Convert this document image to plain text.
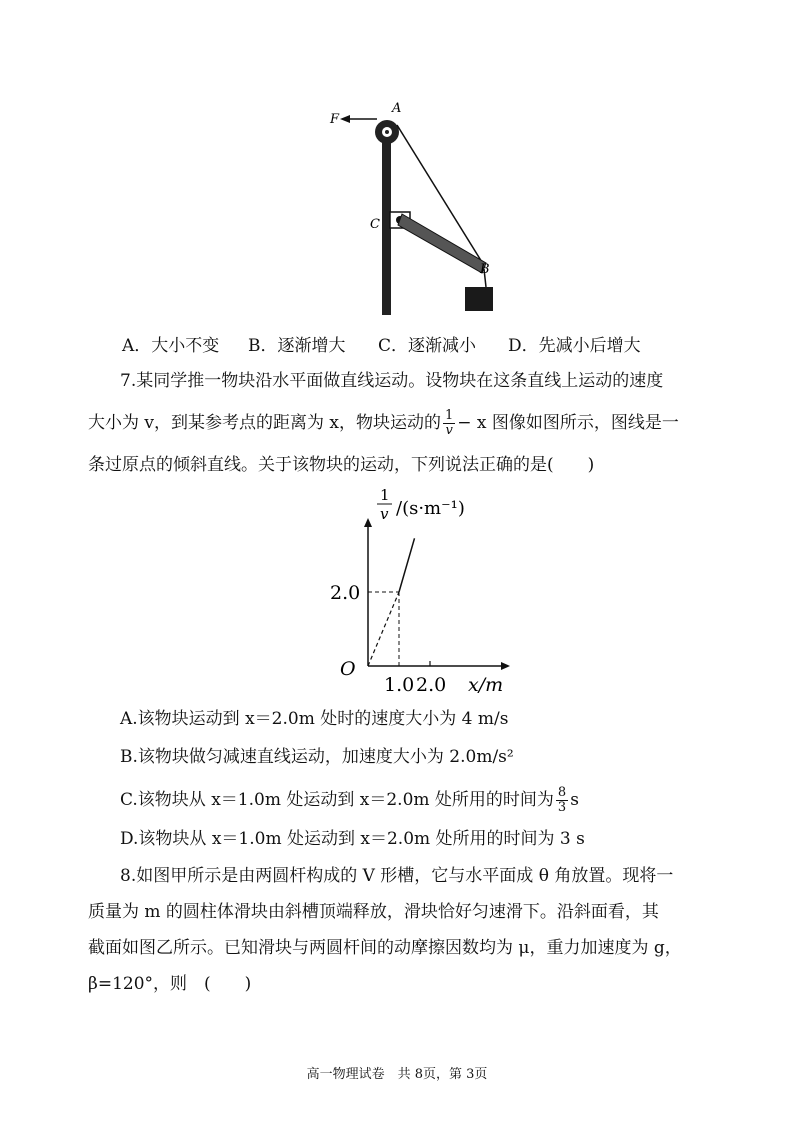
F
A
C
B
A．大小不变 B．逐渐增大 C．逐渐减小 D．先减小后增大
7.某同学推一物块沿水平面做直线运动。设物块在这条直线上运动的速度
大小为 v，到某参考点的距离为 x，物块运动的 $\frac{1}{v} - x$ 图像如图所示，图线是一
条过原点的倾斜直线。关于该物块的运动，下列说法正确的是(　　)
2.0
1.0 2.0
O
x/m
1
v /(s·m⁻¹)
A.该物块运动到 x＝2.0m 处时的速度大小为 4 m/s
B.该物块做匀减速直线运动，加速度大小为 2.0m/s²
C.该物块从 x＝1.0m 处运动到 x＝2.0m 处所用的时间为 $\frac{8}{3}$ s
D.该物块从 x＝1.0m 处运动到 x＝2.0m 处所用的时间为 3 s
8.如图甲所示是由两圆杆构成的 V 形槽，它与水平面成 θ 角放置。现将一
质量为 m 的圆柱体滑块由斜槽顶端释放，滑块恰好匀速滑下。沿斜面看，其
截面如图乙所示。已知滑块与两圆杆间的动摩擦因数均为 μ，重力加速度为 g，
β=120°，则　(　　)
高一物理试卷　共 8页，第 3页
